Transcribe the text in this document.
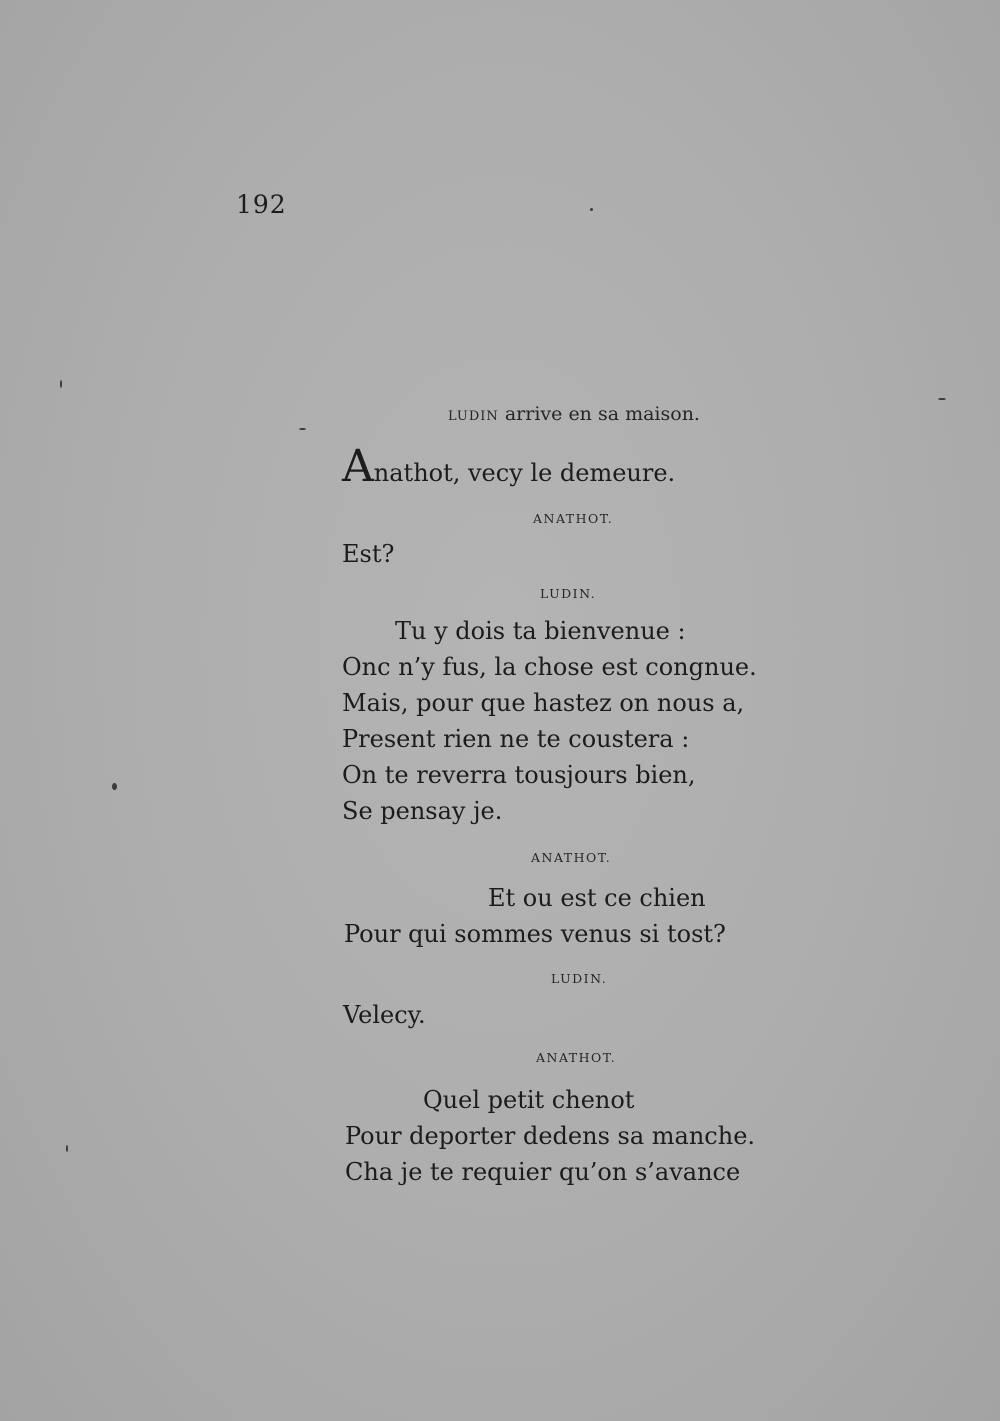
192
LUDIN arrive en sa maison.
Anathot, vecy le demeure.
ANATHOT.
Est?
LUDIN.
Tu y dois ta bienvenue :
Onc n’y fus, la chose est congnue.
Mais, pour que hastez on nous a,
Present rien ne te coustera :
On te reverra tousjours bien,
Se pensay je.
ANATHOT.
Et ou est ce chien
Pour qui sommes venus si tost?
LUDIN.
Velecy.
ANATHOT.
Quel petit chenot
Pour deporter dedens sa manche.
Cha je te requier qu’on s’avance
